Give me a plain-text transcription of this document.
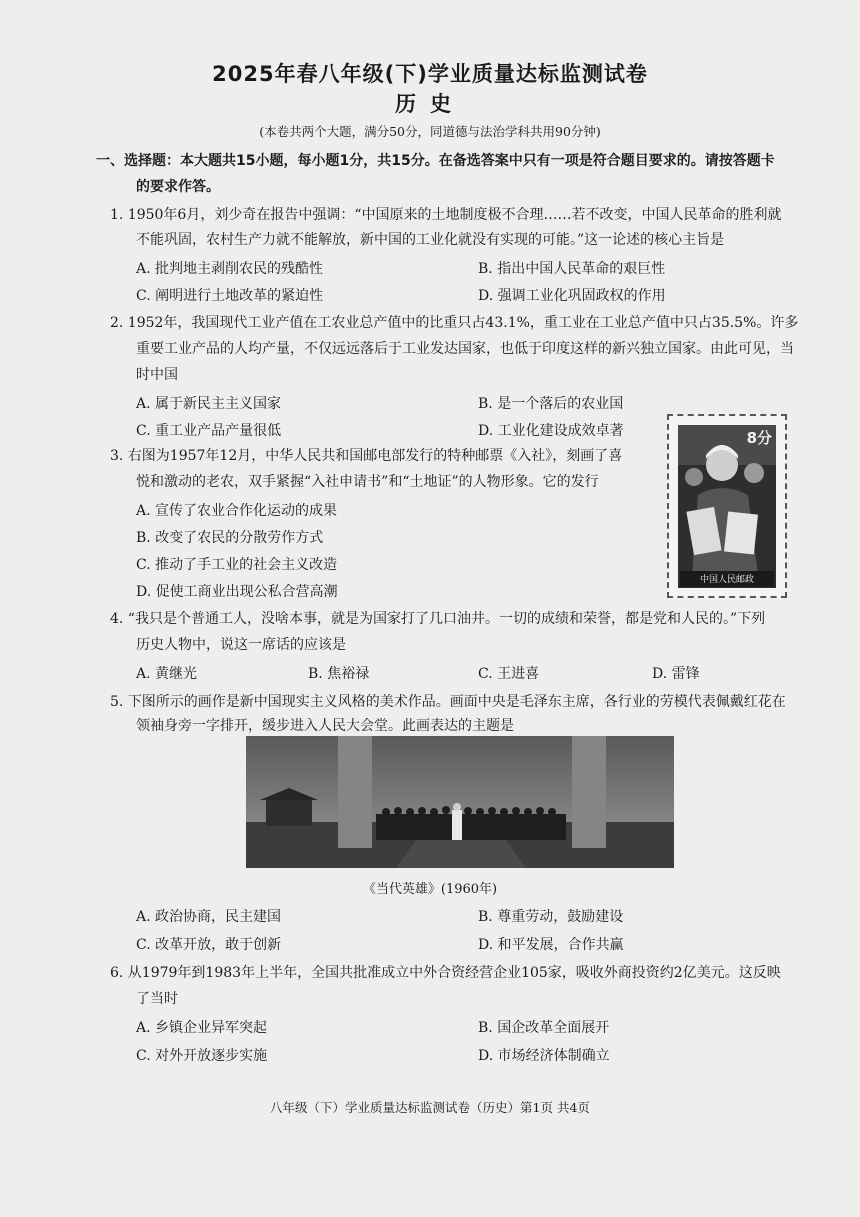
2025年春八年级(下)学业质量达标监测试卷
历史
(本卷共两个大题，满分50分，同道德与法治学科共用90分钟)
一、选择题：本大题共15小题，每小题1分，共15分。在备选答案中只有一项是符合题目要求的。请按答题卡
的要求作答。
1. 1950年6月，刘少奇在报告中强调：“中国原来的土地制度极不合理……若不改变，中国人民革命的胜利就
不能巩固，农村生产力就不能解放，新中国的工业化就没有实现的可能。”这一论述的核心主旨是
A. 批判地主剥削农民的残酷性	B. 指出中国人民革命的艰巨性
C. 阐明进行土地改革的紧迫性	D. 强调工业化巩固政权的作用
2. 1952年，我国现代工业产值在工农业总产值中的比重只占43.1%，重工业在工业总产值中只占35.5%。许多
重要工业产品的人均产量，不仅远远落后于工业发达国家，也低于印度这样的新兴独立国家。由此可见，当
时中国
A. 属于新民主主义国家	B. 是一个落后的农业国
C. 重工业产品产量很低	D. 工业化建设成效卓著
3. 右图为1957年12月，中华人民共和国邮电部发行的特种邮票《入社》，刻画了喜
悦和激动的老农，双手紧握“入社申请书”和“土地证”的人物形象。它的发行
A. 宣传了农业合作化运动的成果
B. 改变了农民的分散劳作方式
C. 推动了手工业的社会主义改造
D. 促使工商业出现公私合营高潮
8分
中国人民邮政
4. “我只是个普通工人，没啥本事，就是为国家打了几口油井。一切的成绩和荣誉，都是党和人民的。”下列
历史人物中，说这一席话的应该是
A. 黄继光	B. 焦裕禄	C. 王进喜	D. 雷锋
5. 下图所示的画作是新中国现实主义风格的美术作品。画面中央是毛泽东主席，各行业的劳模代表佩戴红花在
领袖身旁一字排开，缓步进入人民大会堂。此画表达的主题是
《当代英雄》(1960年)
A. 政治协商，民主建国	B. 尊重劳动，鼓励建设
C. 改革开放，敢于创新	D. 和平发展，合作共赢
6. 从1979年到1983年上半年，全国共批准成立中外合资经营企业105家，吸收外商投资约2亿美元。这反映
了当时
A. 乡镇企业异军突起	B. 国企改革全面展开
C. 对外开放逐步实施	D. 市场经济体制确立
八年级（下）学业质量达标监测试卷（历史）第1页 共4页
